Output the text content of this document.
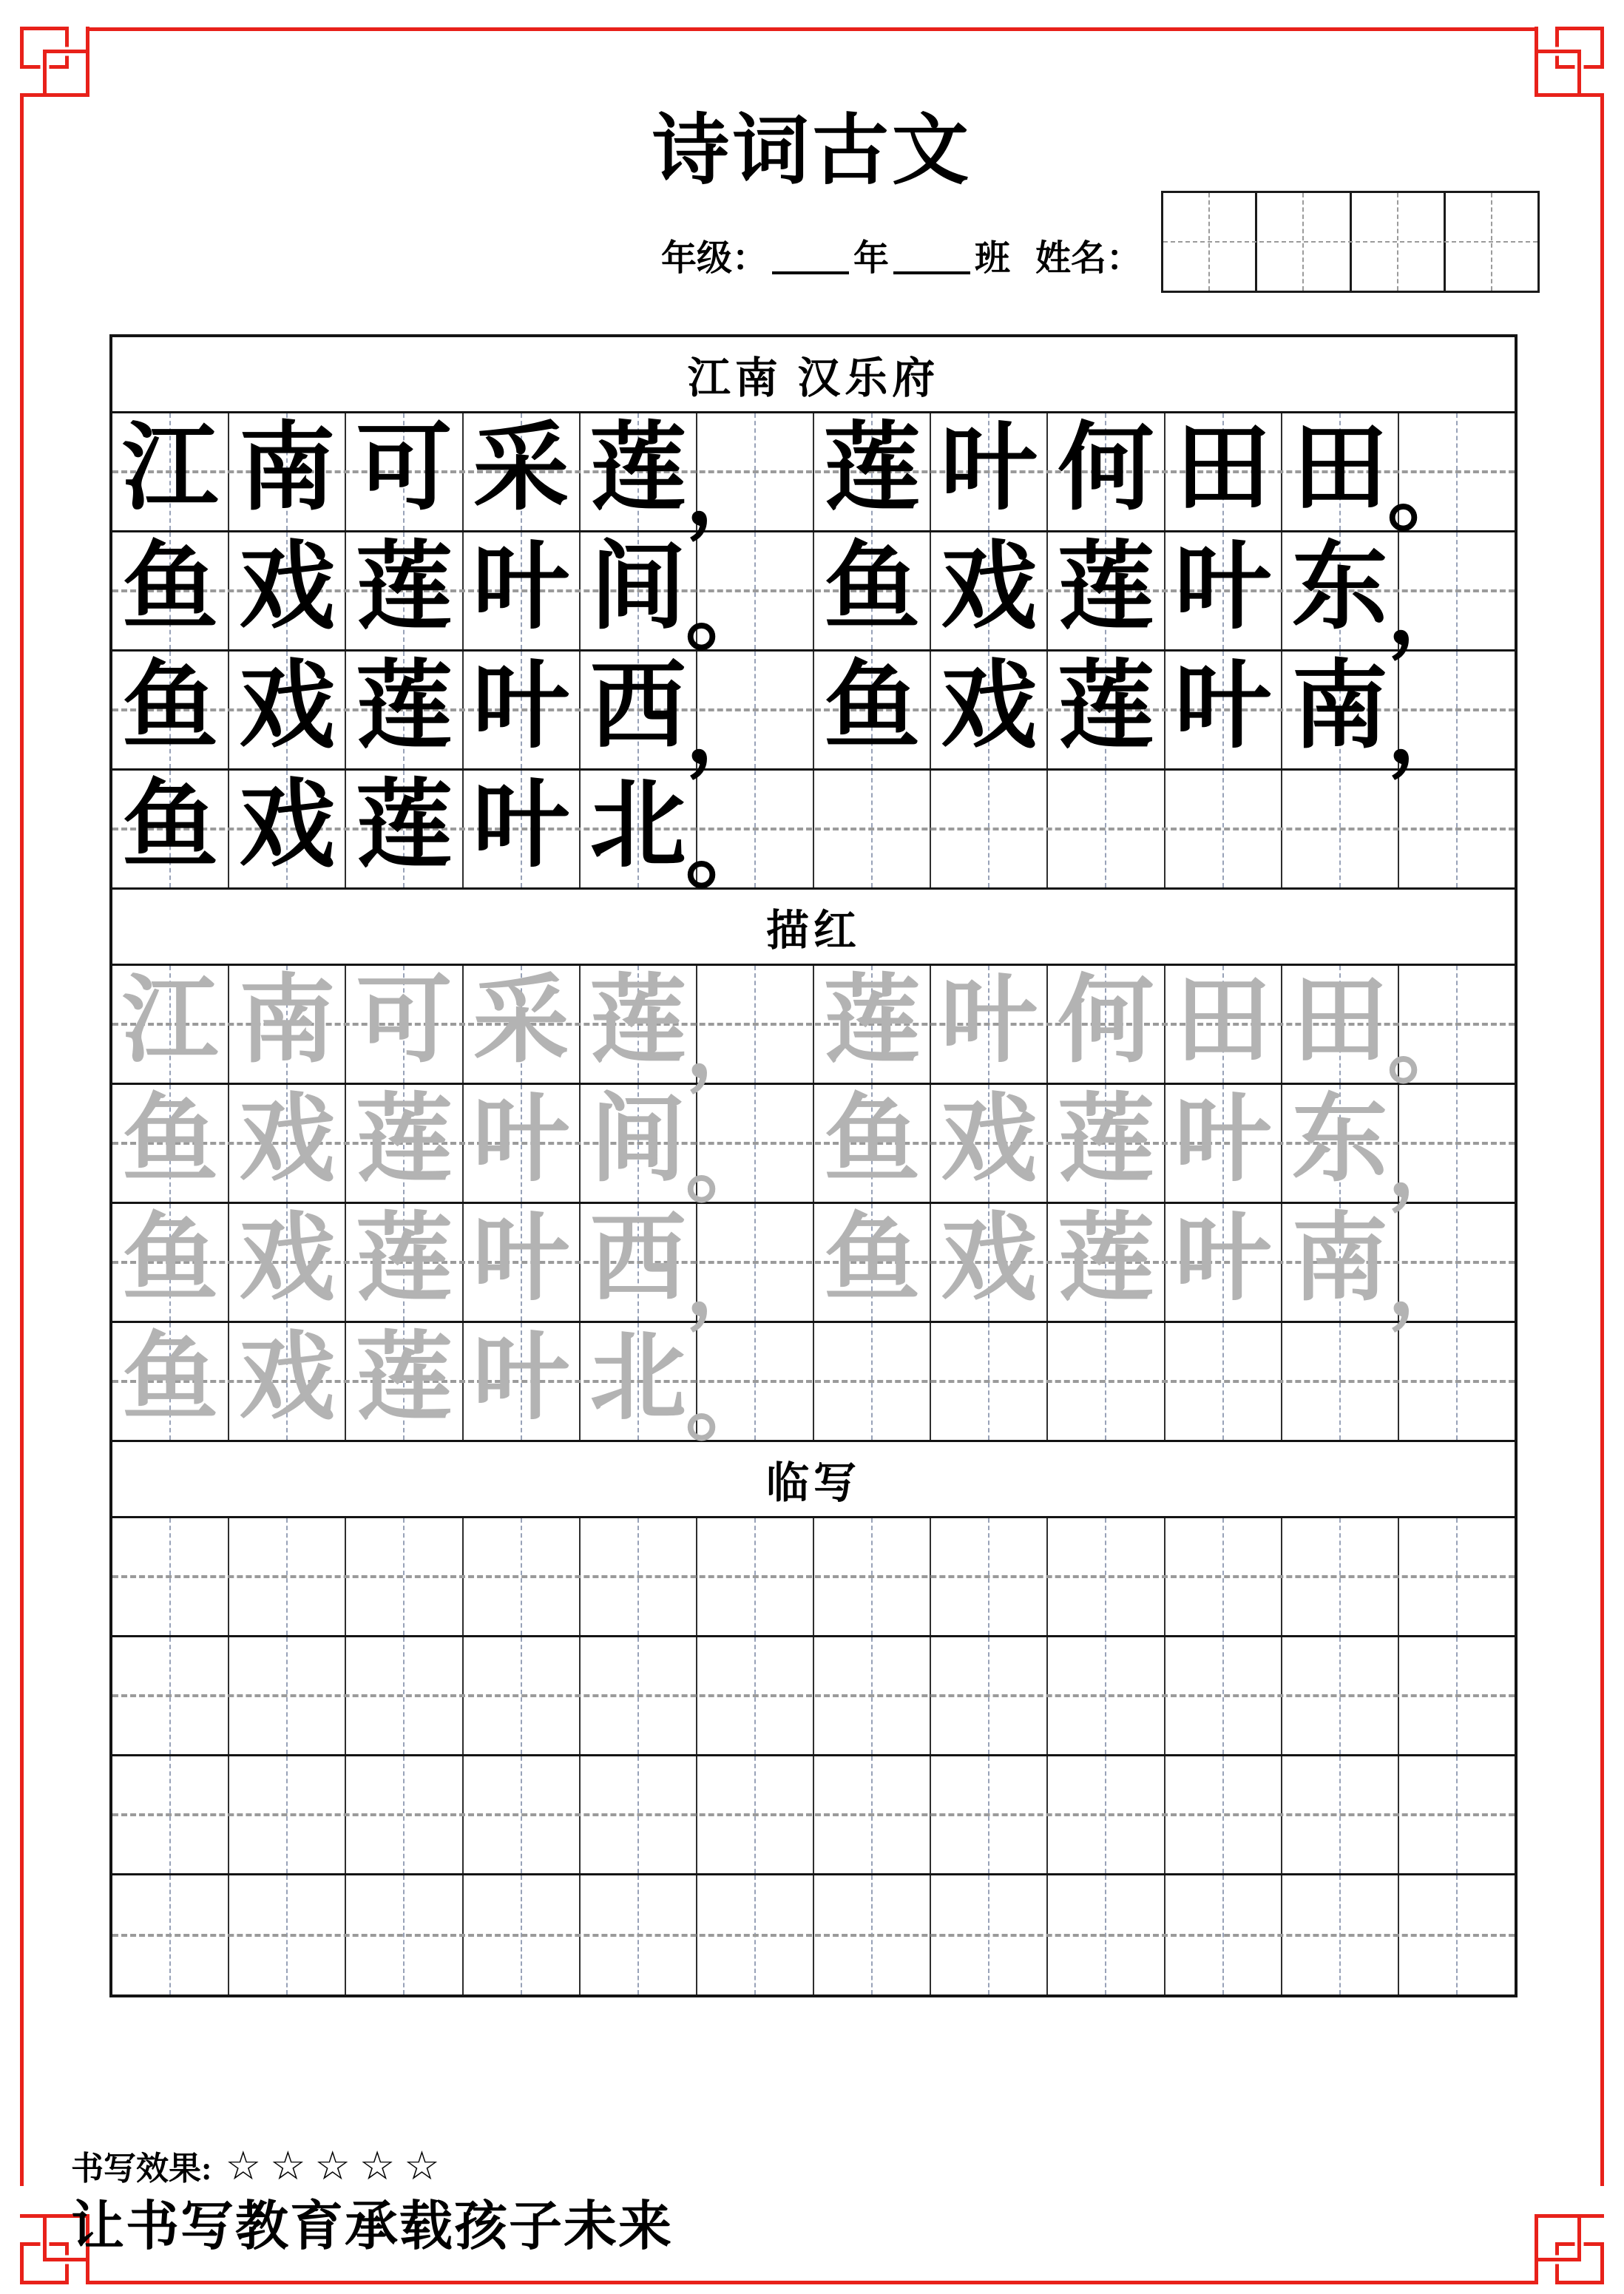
诗词古文
年级： 年 班 姓名：
江南 汉乐府
江 南 可 采 莲
， 莲 叶 何 田 田
。
鱼 戏 莲 叶 间
。 鱼 戏 莲 叶 东
，
鱼 戏 莲 叶 西
， 鱼 戏 莲 叶 南
，
鱼 戏 莲 叶 北
。
描红
江 南 可 采 莲
， 莲 叶 何 田 田
。
鱼 戏 莲 叶 间
。 鱼 戏 莲 叶 东
，
鱼 戏 莲 叶 西
， 鱼 戏 莲 叶 南
，
鱼 戏 莲 叶 北
。
临写
书写效果: ☆☆☆☆☆
让书写教育承载孩子未来
